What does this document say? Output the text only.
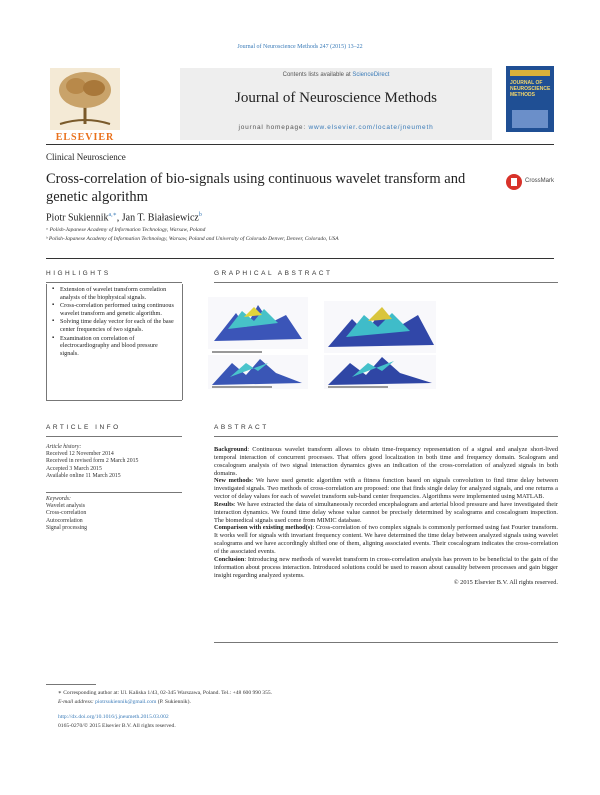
Journal of Neuroscience Methods 247 (2015) 13–22
ELSEVIER
Contents lists available at ScienceDirect
Journal of Neuroscience Methods
journal homepage: www.elsevier.com/locate/jneumeth
JOURNAL OF NEUROSCIENCE METHODS
Clinical Neuroscience
Cross-correlation of bio-signals using continuous wavelet transform and genetic algorithm
CrossMark
Piotr Sukiennik$^{a,∗}$, Jan T. Białasiewicz$^b$
ᵃ Polish-Japanese Academy of Information Technology, Warsaw, Poland
ᵇ Polish-Japanese Academy of Information Technology, Warsaw, Poland and University of Colorado Denver, Denver, Colorado, USA
HIGHLIGHTS
▪ Extension of wavelet transform correlation analysis of the biophysical signals.
▪ Cross-correlation performed using continuous wavelet transform and genetic algorithm.
▪ Solving time delay vector for each of the base center frequencies of two signals.
▪ Examination on correlation of electrocardiography and blood pressure signals.
GRAPHICAL ABSTRACT
ARTICLE INFO
Article history:
Received 12 November 2014
Received in revised form 2 March 2015
Accepted 3 March 2015
Available online 11 March 2015
Keywords:
Wavelet analysis
Cross-correlation
Autocorrelation
Signal processing
ABSTRACT

Background: Continuous wavelet transform allows to obtain time-frequency representation of a signal and analyze short-lived temporal interaction of concurrent processes. That offers good localization in both time and frequency domain. Scalogram and coscalogram analysis of two signal interaction dynamics gives an indication of the cross-correlation of analyzed signals in both domains.

New methods: We have used genetic algorithm with a fitness function based on signals convolution to find time delay between investigated signals. Two methods of cross-correlation are proposed: one that finds single delay for analyzed signals, and one returns a vector of delay values for each of wavelet transform sub-band center frequencies. Algorithms were implemented using MATLAB.

Results: We have extracted the data of simultaneously recorded encephalogram and arterial blood pressure and have investigated their interaction dynamics. We found time delay whose value cannot be precisely determined by scalograms and coscalogram inspection. The biomedical signals used come from MIMIC database.

Comparison with existing method(s): Cross-correlation of two complex signals is commonly performed using fast Fourier transform. It works well for signals with invariant frequency content. We have determined the time delay between analyzed signals using wavelet scalograms and we have accordingly shifted one of them, aligning associated events. Their coscalogram indicates the cross-correlation of the associated events.

Conclusion: Introducing new methods of wavelet transform in cross-correlation analysis has proven to be beneficial to the gain of the information about process interaction. Introduced solutions could be used to reason about causality between processes and gain bigger insight regarding analyzed systems.

© 2015 Elsevier B.V. All rights reserved.

∗ Corresponding author at: Ul. Kaliska 1/43, 02-345 Warszawa, Poland. Tel.: +48 600 990 355.
E-mail address: piotrsukiennik@gmail.com (P. Sukiennik).
http://dx.doi.org/10.1016/j.jneumeth.2015.03.002
0165-0270/© 2015 Elsevier B.V. All rights reserved.
